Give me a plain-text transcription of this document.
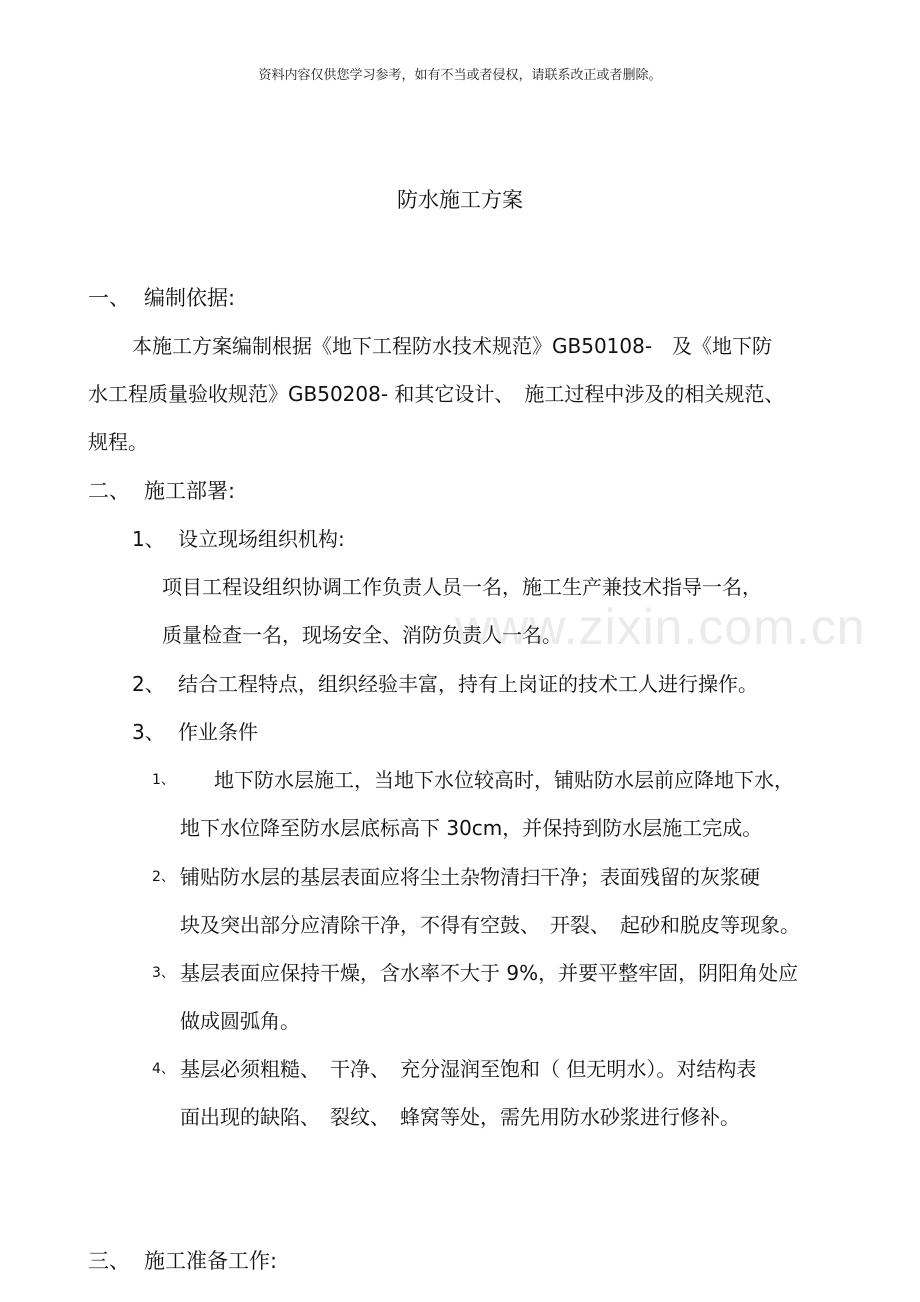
www.zixin.com.cn
资料内容仅供您学习参考，如有不当或者侵权，请联系改正或者删除。
防水施工方案
一、 编制依据:
本施工方案编制根据《地下工程防水技术规范》GB50108-　及《地下防
水工程质量验收规范》GB50208- 和其它设计、　施工过程中涉及的相关规范、
规程。
二、 施工部署:
1、 设立现场组织机构:
项目工程设组织协调工作负责人员一名，施工生产兼技术指导一名，
质量检查一名，现场安全、消防负责人一名。
2、 结合工程特点，组织经验丰富，持有上岗证的技术工人进行操作。
3、 作业条件
1、 地下防水层施工，当地下水位较高时，铺贴防水层前应降地下水，
地下水位降至防水层底标高下 30cm，并保持到防水层施工完成。
2、 铺贴防水层的基层表面应将尘土杂物清扫干净；表面残留的灰浆硬
块及突出部分应清除干净，不得有空鼓、　开裂、　起砂和脱皮等现象。
3、 基层表面应保持干燥，含水率不大于 9%，并要平整牢固，阴阳角处应
做成圆弧角。
4、 基层必须粗糙、　干净、　充分湿润至饱和（ 但无明水）。对结构表
面出现的缺陷、　裂纹、　蜂窝等处，需先用防水砂浆进行修补。
三、 施工准备工作:
